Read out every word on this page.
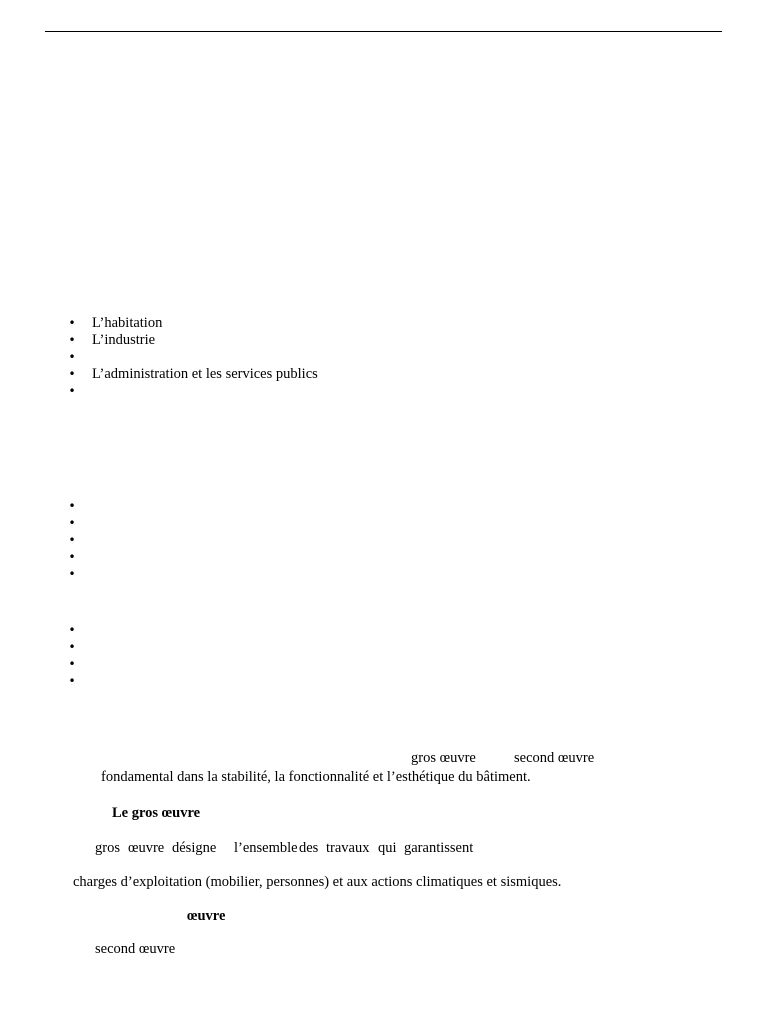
• L’habitation
• L’industrie
•
• L’administration et les services publics
•
•
•
•
•
•
•
•
•
•
gros œuvre	second œuvre
fondamental dans la stabilité, la fonctionnalité et l’esthétique du bâtiment.
Le gros œuvre
gros œuvre désigne l’ensemble des travaux qui garantissent
charges d’exploitation (mobilier, personnes) et aux actions climatiques et sismiques.
œuvre
second œuvre
